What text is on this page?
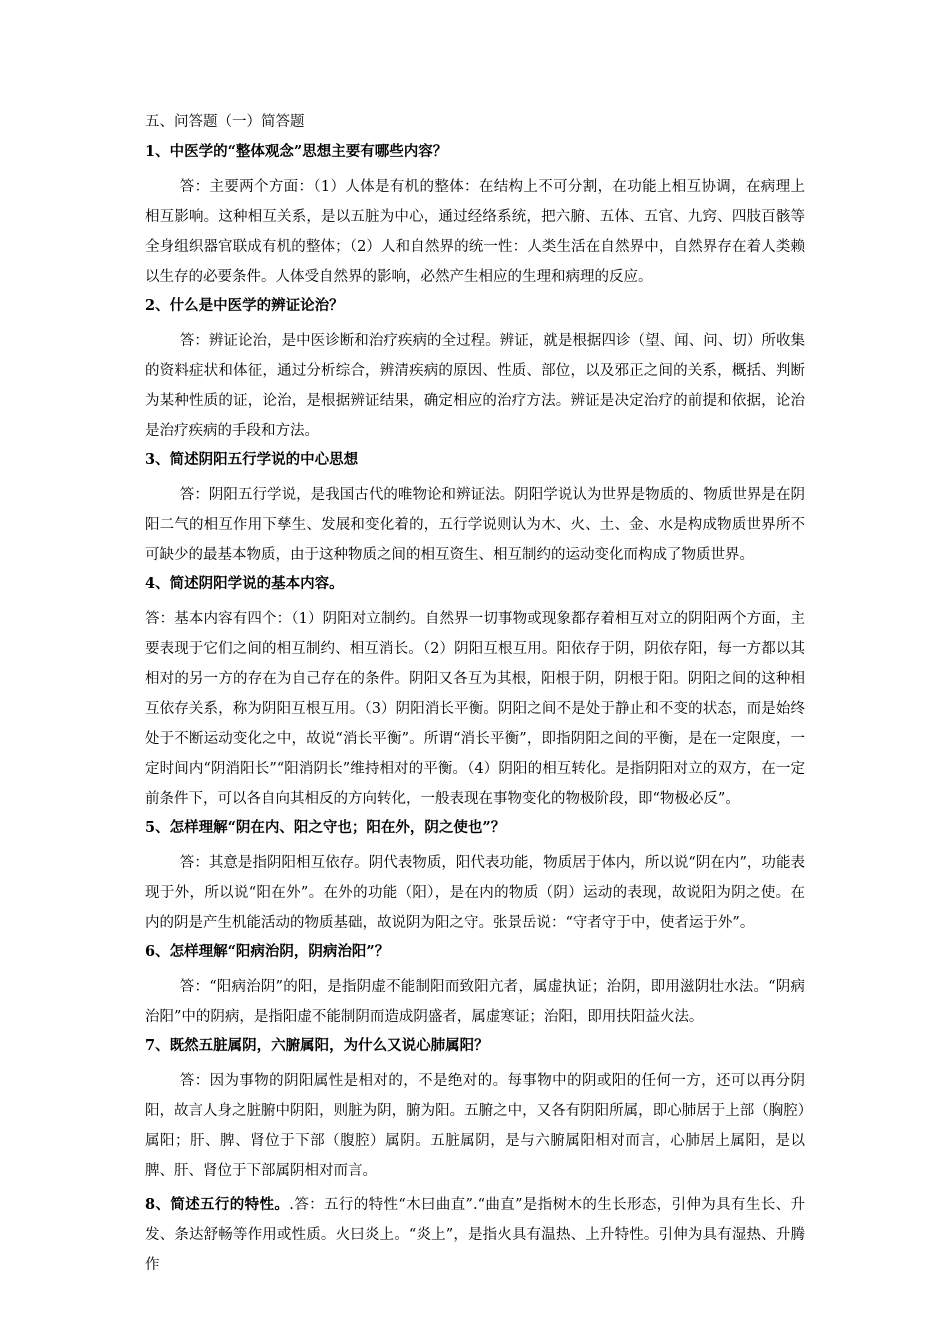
五、问答题（一）简答题
1、中医学的“整体观念”思想主要有哪些内容？
答：主要两个方面：（1）人体是有机的整体：在结构上不可分割，在功能上相互协调，在病理上相互影响。这种相互关系，是以五脏为中心，通过经络系统，把六腑、五体、五官、九窍、四肢百骸等全身组织器官联成有机的整体；（2）人和自然界的统一性：人类生活在自然界中，自然界存在着人类赖以生存的必要条件。人体受自然界的影响，必然产生相应的生理和病理的反应。
2、什么是中医学的辨证论治？
答：辨证论治，是中医诊断和治疗疾病的全过程。辨证，就是根据四诊（望、闻、问、切）所收集的资料症状和体征，通过分析综合，辨清疾病的原因、性质、部位，以及邪正之间的关系，概括、判断为某种性质的证，论治，是根据辨证结果，确定相应的治疗方法。辨证是决定治疗的前提和依据，论治是治疗疾病的手段和方法。
3、简述阴阳五行学说的中心思想
答：阴阳五行学说，是我国古代的唯物论和辨证法。阴阳学说认为世界是物质的、物质世界是在阴阳二气的相互作用下孳生、发展和变化着的，五行学说则认为木、火、土、金、水是构成物质世界所不可缺少的最基本物质，由于这种物质之间的相互资生、相互制约的运动变化而构成了物质世界。
4、简述阴阳学说的基本内容。
答：基本内容有四个：（1）阴阳对立制约。自然界一切事物或现象都存着相互对立的阴阳两个方面，主要表现于它们之间的相互制约、相互消长。（2）阴阳互根互用。阳依存于阴，阴依存阳，每一方都以其相对的另一方的存在为自己存在的条件。阴阳又各互为其根，阳根于阴，阴根于阳。阴阳之间的这种相互依存关系，称为阴阳互根互用。（3）阴阳消长平衡。阴阳之间不是处于静止和不变的状态，而是始终处于不断运动变化之中，故说“消长平衡”。所谓“消长平衡”，即指阴阳之间的平衡，是在一定限度，一定时间内“阴消阳长”“阳消阴长”维持相对的平衡。（4）阴阳的相互转化。是指阴阳对立的双方，在一定前条件下，可以各自向其相反的方向转化，一般表现在事物变化的物极阶段，即“物极必反”。
5、怎样理解“阴在内、阳之守也；阳在外，阴之使也”？
答：其意是指阴阳相互依存。阴代表物质，阳代表功能，物质居于体内，所以说“阴在内”，功能表现于外，所以说“阳在外”。在外的功能（阳），是在内的物质（阴）运动的表现，故说阳为阴之使。在内的阴是产生机能活动的物质基础，故说阴为阳之守。张景岳说：“守者守于中，使者运于外”。
6、怎样理解“阳病治阴，阴病治阳”？
答：“阳病治阴”的阳，是指阴虚不能制阳而致阳亢者，属虚执证；治阴，即用滋阴壮水法。“阴病治阳”中的阴病，是指阳虚不能制阴而造成阴盛者，属虚寒证；治阳，即用扶阳益火法。
7、既然五脏属阴，六腑属阳，为什么又说心肺属阳？
答：因为事物的阴阳属性是相对的，不是绝对的。每事物中的阴或阳的任何一方，还可以再分阴阳，故言人身之脏腑中阴阳，则脏为阴，腑为阳。五腑之中，又各有阴阳所属，即心肺居于上部（胸腔）属阳；肝、脾、肾位于下部（腹腔）属阴。五脏属阴，是与六腑属阳相对而言，心肺居上属阳，是以脾、肝、肾位于下部属阴相对而言。
8、简述五行的特性。.答：五行的特性“木曰曲直”.“曲直”是指树木的生长形态，引伸为具有生长、升发、条达舒畅等作用或性质。火曰炎上。“炎上”，是指火具有温热、上升特性。引伸为具有湿热、升腾作
